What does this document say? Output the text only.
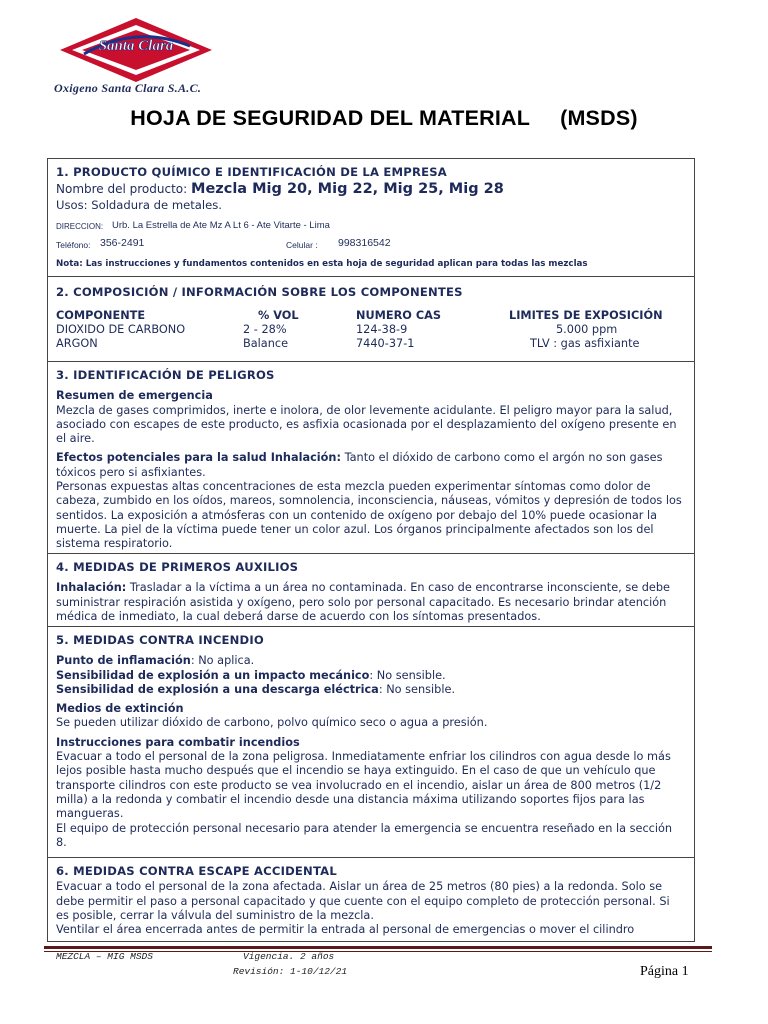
Santa Clara
Oxigeno Santa Clara S.A.C.
HOJA DE SEGURIDAD DEL MATERIAL (MSDS)
1. PRODUCTO QUÍMICO E IDENTIFICACIÓN DE LA EMPRESA

Nombre del producto: Mezcla Mig 20, Mig 22, Mig 25, Mig 28

Usos: Soldadura de metales.

DIRECCION: Urb. La Estrella de Ate Mz A Lt 6 - Ate Vitarte - Lima
Teléfono: 356-2491	Celular : 998316542

Nota: Las instrucciones y fundamentos contenidos en esta hoja de seguridad aplican para todas las mezclas

2. COMPOSICIÓN / INFORMACIÓN SOBRE LOS COMPONENTES
COMPONENTE	% VOL	NUMERO CAS	LIMITES DE EXPOSICIÓN
DIOXIDO DE CARBONO	2 - 28%	124-38-9	5.000 ppm
ARGON	Balance	7440-37-1	TLV : gas asfixiante
3. IDENTIFICACIÓN DE PELIGROS

Resumen de emergencia

Mezcla de gases comprimidos, inerte e inolora, de olor levemente acidulante. El peligro mayor para la salud, asociado con escapes de este producto, es asfixia ocasionada por el desplazamiento del oxígeno presente en el aire.

Efectos potenciales para la salud Inhalación: Tanto el dióxido de carbono como el argón no son gases tóxicos pero si asfixiantes.

Personas expuestas altas concentraciones de esta mezcla pueden experimentar síntomas como dolor de cabeza, zumbido en los oídos, mareos, somnolencia, inconsciencia, náuseas, vómitos y depresión de todos los sentidos. La exposición a atmósferas con un contenido de oxígeno por debajo del 10% puede ocasionar la muerte. La piel de la víctima puede tener un color azul. Los órganos principalmente afectados son los del sistema respiratorio.

4. MEDIDAS DE PRIMEROS AUXILIOS

Inhalación: Trasladar a la víctima a un área no contaminada. En caso de encontrarse inconsciente, se debe suministrar respiración asistida y oxígeno, pero solo por personal capacitado. Es necesario brindar atención médica de inmediato, la cual deberá darse de acuerdo con los síntomas presentados.

5. MEDIDAS CONTRA INCENDIO

Punto de inflamación: No aplica.

Sensibilidad de explosión a un impacto mecánico: No sensible.

Sensibilidad de explosión a una descarga eléctrica: No sensible.

Medios de extinción

Se pueden utilizar dióxido de carbono, polvo químico seco o agua a presión.

Instrucciones para combatir incendios

Evacuar a todo el personal de la zona peligrosa. Inmediatamente enfriar los cilindros con agua desde lo más lejos posible hasta mucho después que el incendio se haya extinguido. En el caso de que un vehículo que transporte cilindros con este producto se vea involucrado en el incendio, aislar un área de 800 metros (1/2 milla) a la redonda y combatir el incendio desde una distancia máxima utilizando soportes fijos para las mangueras.

El equipo de protección personal necesario para atender la emergencia se encuentra reseñado en la sección 8.

6. MEDIDAS CONTRA ESCAPE ACCIDENTAL

Evacuar a todo el personal de la zona afectada. Aislar un área de 25 metros (80 pies) a la redonda. Solo se debe permitir el paso a personal capacitado y que cuente con el equipo completo de protección personal. Si es posible, cerrar la válvula del suministro de la mezcla.

Ventilar el área encerrada antes de permitir la entrada al personal de emergencias o mover el cilindro

MEZCLA – MIG MSDS	Vigencia. 2 años
Revisión: 1-10/12/21	Página 1
